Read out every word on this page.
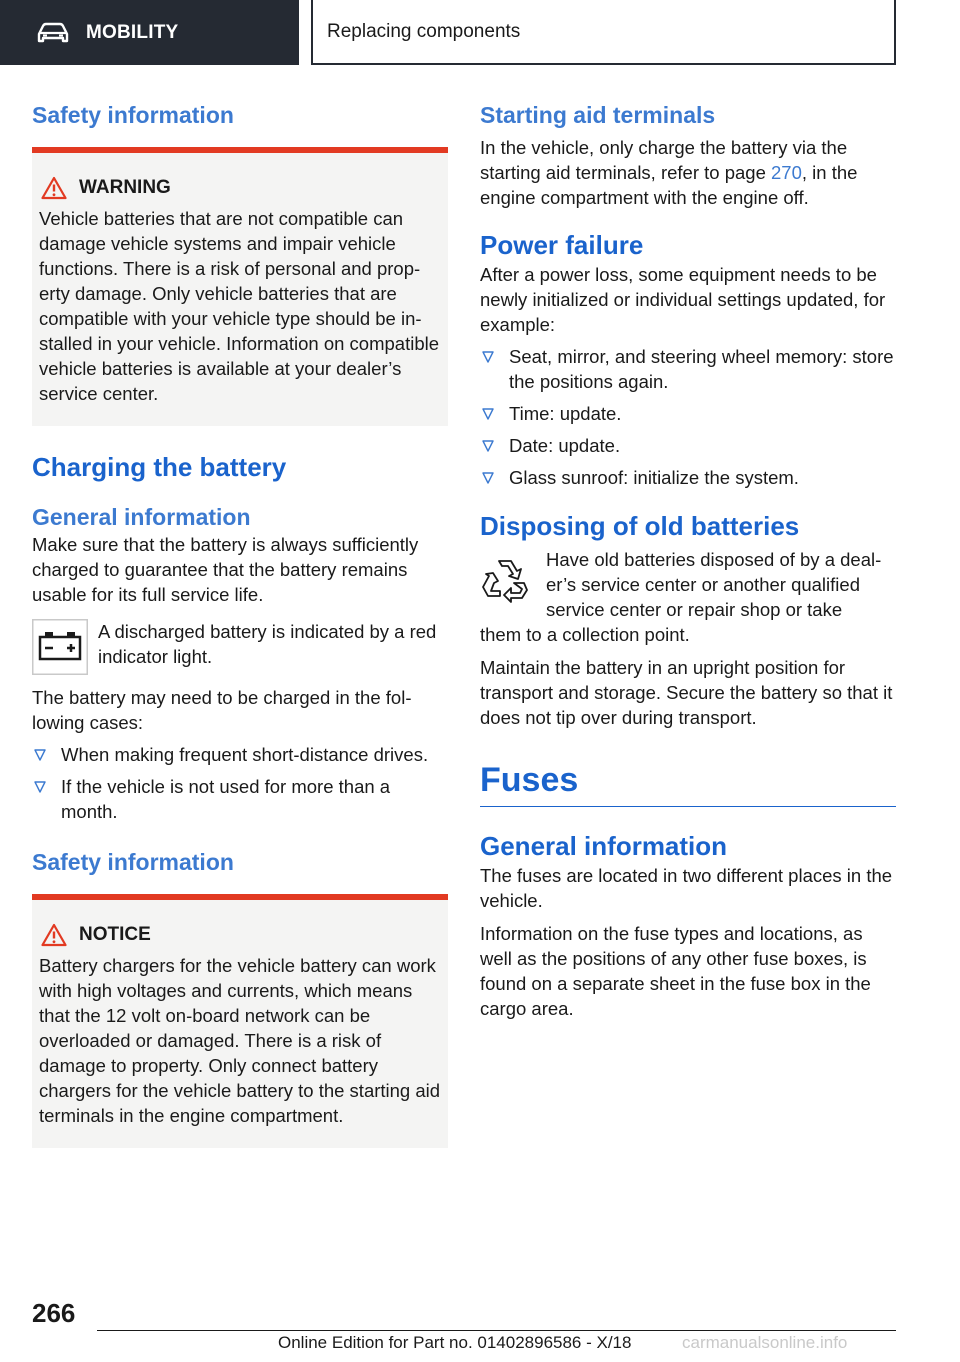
MOBILITY	Replacing components
Safety information
WARNING

Vehicle batteries that are not compatible can damage vehicle systems and impair vehicle functions. There is a risk of personal and property damage. Only vehicle batteries that are compatible with your vehicle type should be installed in your vehicle. Information on compatible vehicle batteries is available at your dealer’s service center.

Charging the battery
General information

Make sure that the battery is always sufficiently charged to guarantee that the battery remains usable for its full service life.

A discharged battery is indicated by a red indicator light.

The battery may need to be charged in the following cases:

When making frequent short-distance drives.
If the vehicle is not used for more than a month.
Safety information
NOTICE

Battery chargers for the vehicle battery can work with high voltages and currents, which means that the 12 volt on-board network can be overloaded or damaged. There is a risk of damage to property. Only connect battery chargers for the vehicle battery to the starting aid terminals in the engine compartment.

Starting aid terminals

In the vehicle, only charge the battery via the starting aid terminals, refer to page 270, in the engine compartment with the engine off.

Power failure

After a power loss, some equipment needs to be newly initialized or individual settings updated, for example:

Seat, mirror, and steering wheel memory: store the positions again.
Time: update.
Date: update.
Glass sunroof: initialize the system.
Disposing of old batteries

Have old batteries disposed of by a dealer’s service center or another qualified service center or repair shop or take

them to a collection point.

Maintain the battery in an upright position for transport and storage. Secure the battery so that it does not tip over during transport.

Fuses
General information

The fuses are located in two different places in the vehicle.

Information on the fuse types and locations, as well as the positions of any other fuse boxes, is found on a separate sheet in the fuse box in the cargo area.

266
Online Edition for Part no. 01402896586 - X/18	carmanualsonline.info
